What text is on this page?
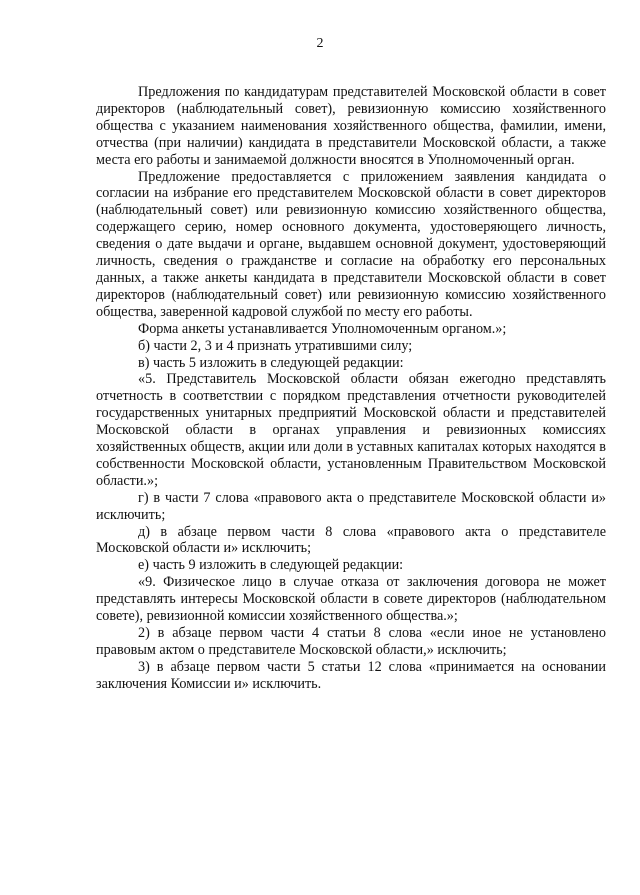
2

Предложения по кандидатурам представителей Московской области в совет директоров (наблюдательный совет), ревизионную комиссию хозяйственного общества с указанием наименования хозяйственного общества, фамилии, имени, отчества (при наличии) кандидата в представители Московской области, а также места его работы и занимаемой должности вносятся в Уполномоченный орган.

Предложение предоставляется с приложением заявления кандидата о согласии на избрание его представителем Московской области в совет директоров (наблюдательный совет) или ревизионную комиссию хозяйственного общества, содержащего серию, номер основного документа, удостоверяющего личность, сведения о дате выдачи и органе, выдавшем основной документ, удостоверяющий личность, сведения о гражданстве и согласие на обработку его персональных данных, а также анкеты кандидата в представители Московской области в совет директоров (наблюдательный совет) или ревизионную комиссию хозяйственного общества, заверенной кадровой службой по месту его работы.

Форма анкеты устанавливается Уполномоченным органом.»;

б) части 2, 3 и 4 признать утратившими силу;

в) часть 5 изложить в следующей редакции:

«5. Представитель Московской области обязан ежегодно представлять отчетность в соответствии с порядком представления отчетности руководителей государственных унитарных предприятий Московской области и представителей Московской области в органах управления и ревизионных комиссиях хозяйственных обществ, акции или доли в уставных капиталах которых находятся в собственности Московской области, установленным Правительством Московской области.»;

г) в части 7 слова «правового акта о представителе Московской области и» исключить;

д) в абзаце первом части 8 слова «правового акта о представителе Московской области и» исключить;

е) часть 9 изложить в следующей редакции:

«9. Физическое лицо в случае отказа от заключения договора не может представлять интересы Московской области в совете директоров (наблюдательном совете), ревизионной комиссии хозяйственного общества.»;

2) в абзаце первом части 4 статьи 8 слова «если иное не установлено правовым актом о представителе Московской области,» исключить;

3) в абзаце первом части 5 статьи 12 слова «принимается на основании заключения Комиссии и» исключить.
